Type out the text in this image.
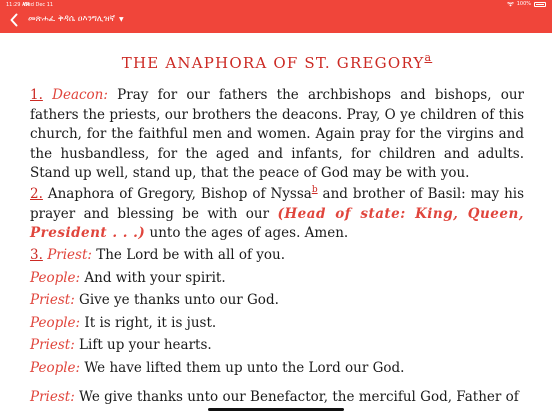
11:29 AM
Wed Dec 11	100%
መጽሐፈ ቅዳሴ ዐእንግሊዝኛ ▼
THE ANAPHORA OF ST. GREGORY$^a$
1. Deacon: Pray for our fathers the archbishops and bishops, our fathers the priests, our brothers the deacons. Pray, O ye children of this church, for the faithful men and women. Again pray for the virgins and the husbandless, for the aged and infants, for children and adults. Stand up well, stand up, that the peace of God may be with you.
2. Anaphora of Gregory, Bishop of Nyssa$^b$ and brother of Basil: may his prayer and blessing be with our (Head of state: King, Queen, President . . .) unto the ages of ages. Amen.
3. Priest: The Lord be with all of you.
People: And with your spirit.
Priest: Give ye thanks unto our God.
People: It is right, it is just.
Priest: Lift up your hearts.
People: We have lifted them up unto the Lord our God.
Priest: We give thanks unto our Benefactor, the merciful God, Father of
